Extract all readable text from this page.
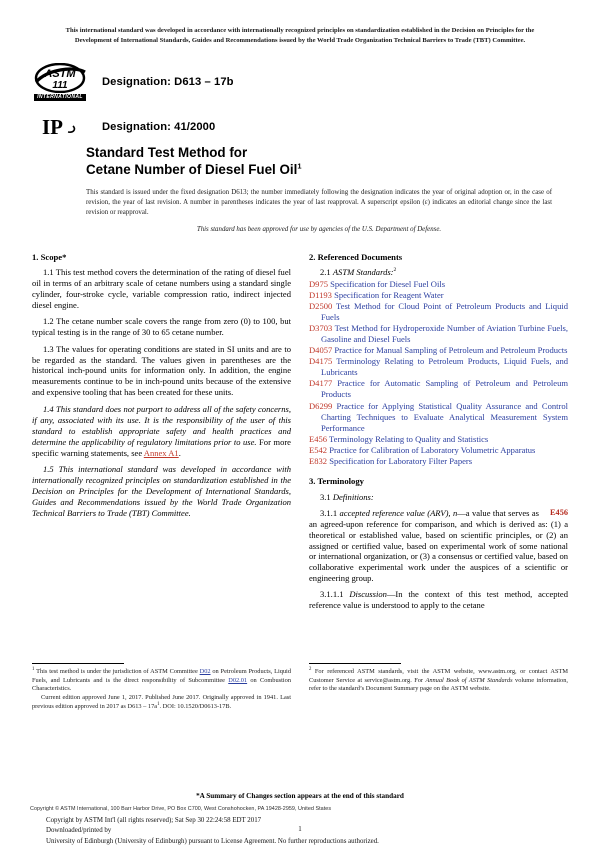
This international standard was developed in accordance with internationally recognized principles on standardization established in the Decision on Principles for the
Development of International Standards, Guides and Recommendations issued by the World Trade Organization Technical Barriers to Trade (TBT) Committee.
ASTM
111
INTERNATIONAL
Designation: D613 – 17b
IP	Designation: 41/2000
Standard Test Method for
Cetane Number of Diesel Fuel Oil$^1$
This standard is issued under the fixed designation D613; the number immediately following the designation indicates the year of original adoption or, in the case of revision, the year of last revision. A number in parentheses indicates the year of last reapproval. A superscript epsilon (ε) indicates an editorial change since the last revision or reapproval.
This standard has been approved for use by agencies of the U.S. Department of Defense.
1. Scope*

1.1 This test method covers the determination of the rating of diesel fuel oil in terms of an arbitrary scale of cetane numbers using a standard single cylinder, four-stroke cycle, variable compression ratio, indirect injected diesel engine.

1.2 The cetane number scale covers the range from zero (0) to 100, but typical testing is in the range of 30 to 65 cetane number.

1.3 The values for operating conditions are stated in SI units and are to be regarded as the standard. The values given in parentheses are the historical inch-pound units for information only. In addition, the engine measurements continue to be in inch-pound units because of the extensive and expensive tooling that has been created for these units.

1.4 This standard does not purport to address all of the safety concerns, if any, associated with its use. It is the responsibility of the user of this standard to establish appropriate safety and health practices and determine the applicability of regulatory limitations prior to use. For more specific warning statements, see Annex A1.

1.5 This international standard was developed in accordance with internationally recognized principles on standardization established in the Decision on Principles for the Development of International Standards, Guides and Recommendations issued by the World Trade Organization Technical Barriers to Trade (TBT) Committee.

2. Referenced Documents
2.1 ASTM Standards:$^2$
D975 Specification for Diesel Fuel Oils
D1193 Specification for Reagent Water
D2500 Test Method for Cloud Point of Petroleum Products and Liquid Fuels
D3703 Test Method for Hydroperoxide Number of Aviation Turbine Fuels, Gasoline and Diesel Fuels
D4057 Practice for Manual Sampling of Petroleum and Petroleum Products
D4175 Terminology Relating to Petroleum Products, Liquid Fuels, and Lubricants
D4177 Practice for Automatic Sampling of Petroleum and Petroleum Products
D6299 Practice for Applying Statistical Quality Assurance and Control Charting Techniques to Evaluate Analytical Measurement System Performance
E456 Terminology Relating to Quality and Statistics
E542 Practice for Calibration of Laboratory Volumetric Apparatus
E832 Specification for Laboratory Filter Papers
3. Terminology

3.1 Definitions:

E456
3.1.1 accepted reference value (ARV), n—a value that serves as an agreed-upon reference for comparison, and which is derived as: (1) a theoretical or established value, based on scientific principles, or (2) an assigned or certified value, based on experimental work of some national or international organization, or (3) a consensus or certified value, based on collaborative experimental work under the auspices of a scientific or engineering group.

3.1.1.1 Discussion—In the context of this test method, accepted reference value is understood to apply to the cetane

$^1$ This test method is under the jurisdiction of ASTM Committee D02 on Petroleum Products, Liquid Fuels, and Lubricants and is the direct responsibility of Subcommittee D02.01 on Combustion Characteristics.

Current edition approved June 1, 2017. Published June 2017. Originally approved in 1941. Last previous edition approved in 2017 as $D613 - 17a^1$. DOI: 10.1520/D0613-17B.

$^2$ For referenced ASTM standards, visit the ASTM website, www.astm.org, or contact ASTM Customer Service at service@astm.org. For Annual Book of ASTM Standards volume information, refer to the standard’s Document Summary page on the ASTM website.

*A Summary of Changes section appears at the end of this standard
Copyright © ASTM International, 100 Barr Harbor Drive, PO Box C700, West Conshohocken, PA 19428-2959, United States
Copyright by ASTM Int'l (all rights reserved); Sat Sep 30 22:24:58 EDT 2017
Downloaded/printed by
University of Edinburgh (University of Edinburgh) pursuant to License Agreement. No further reproductions authorized.
1
